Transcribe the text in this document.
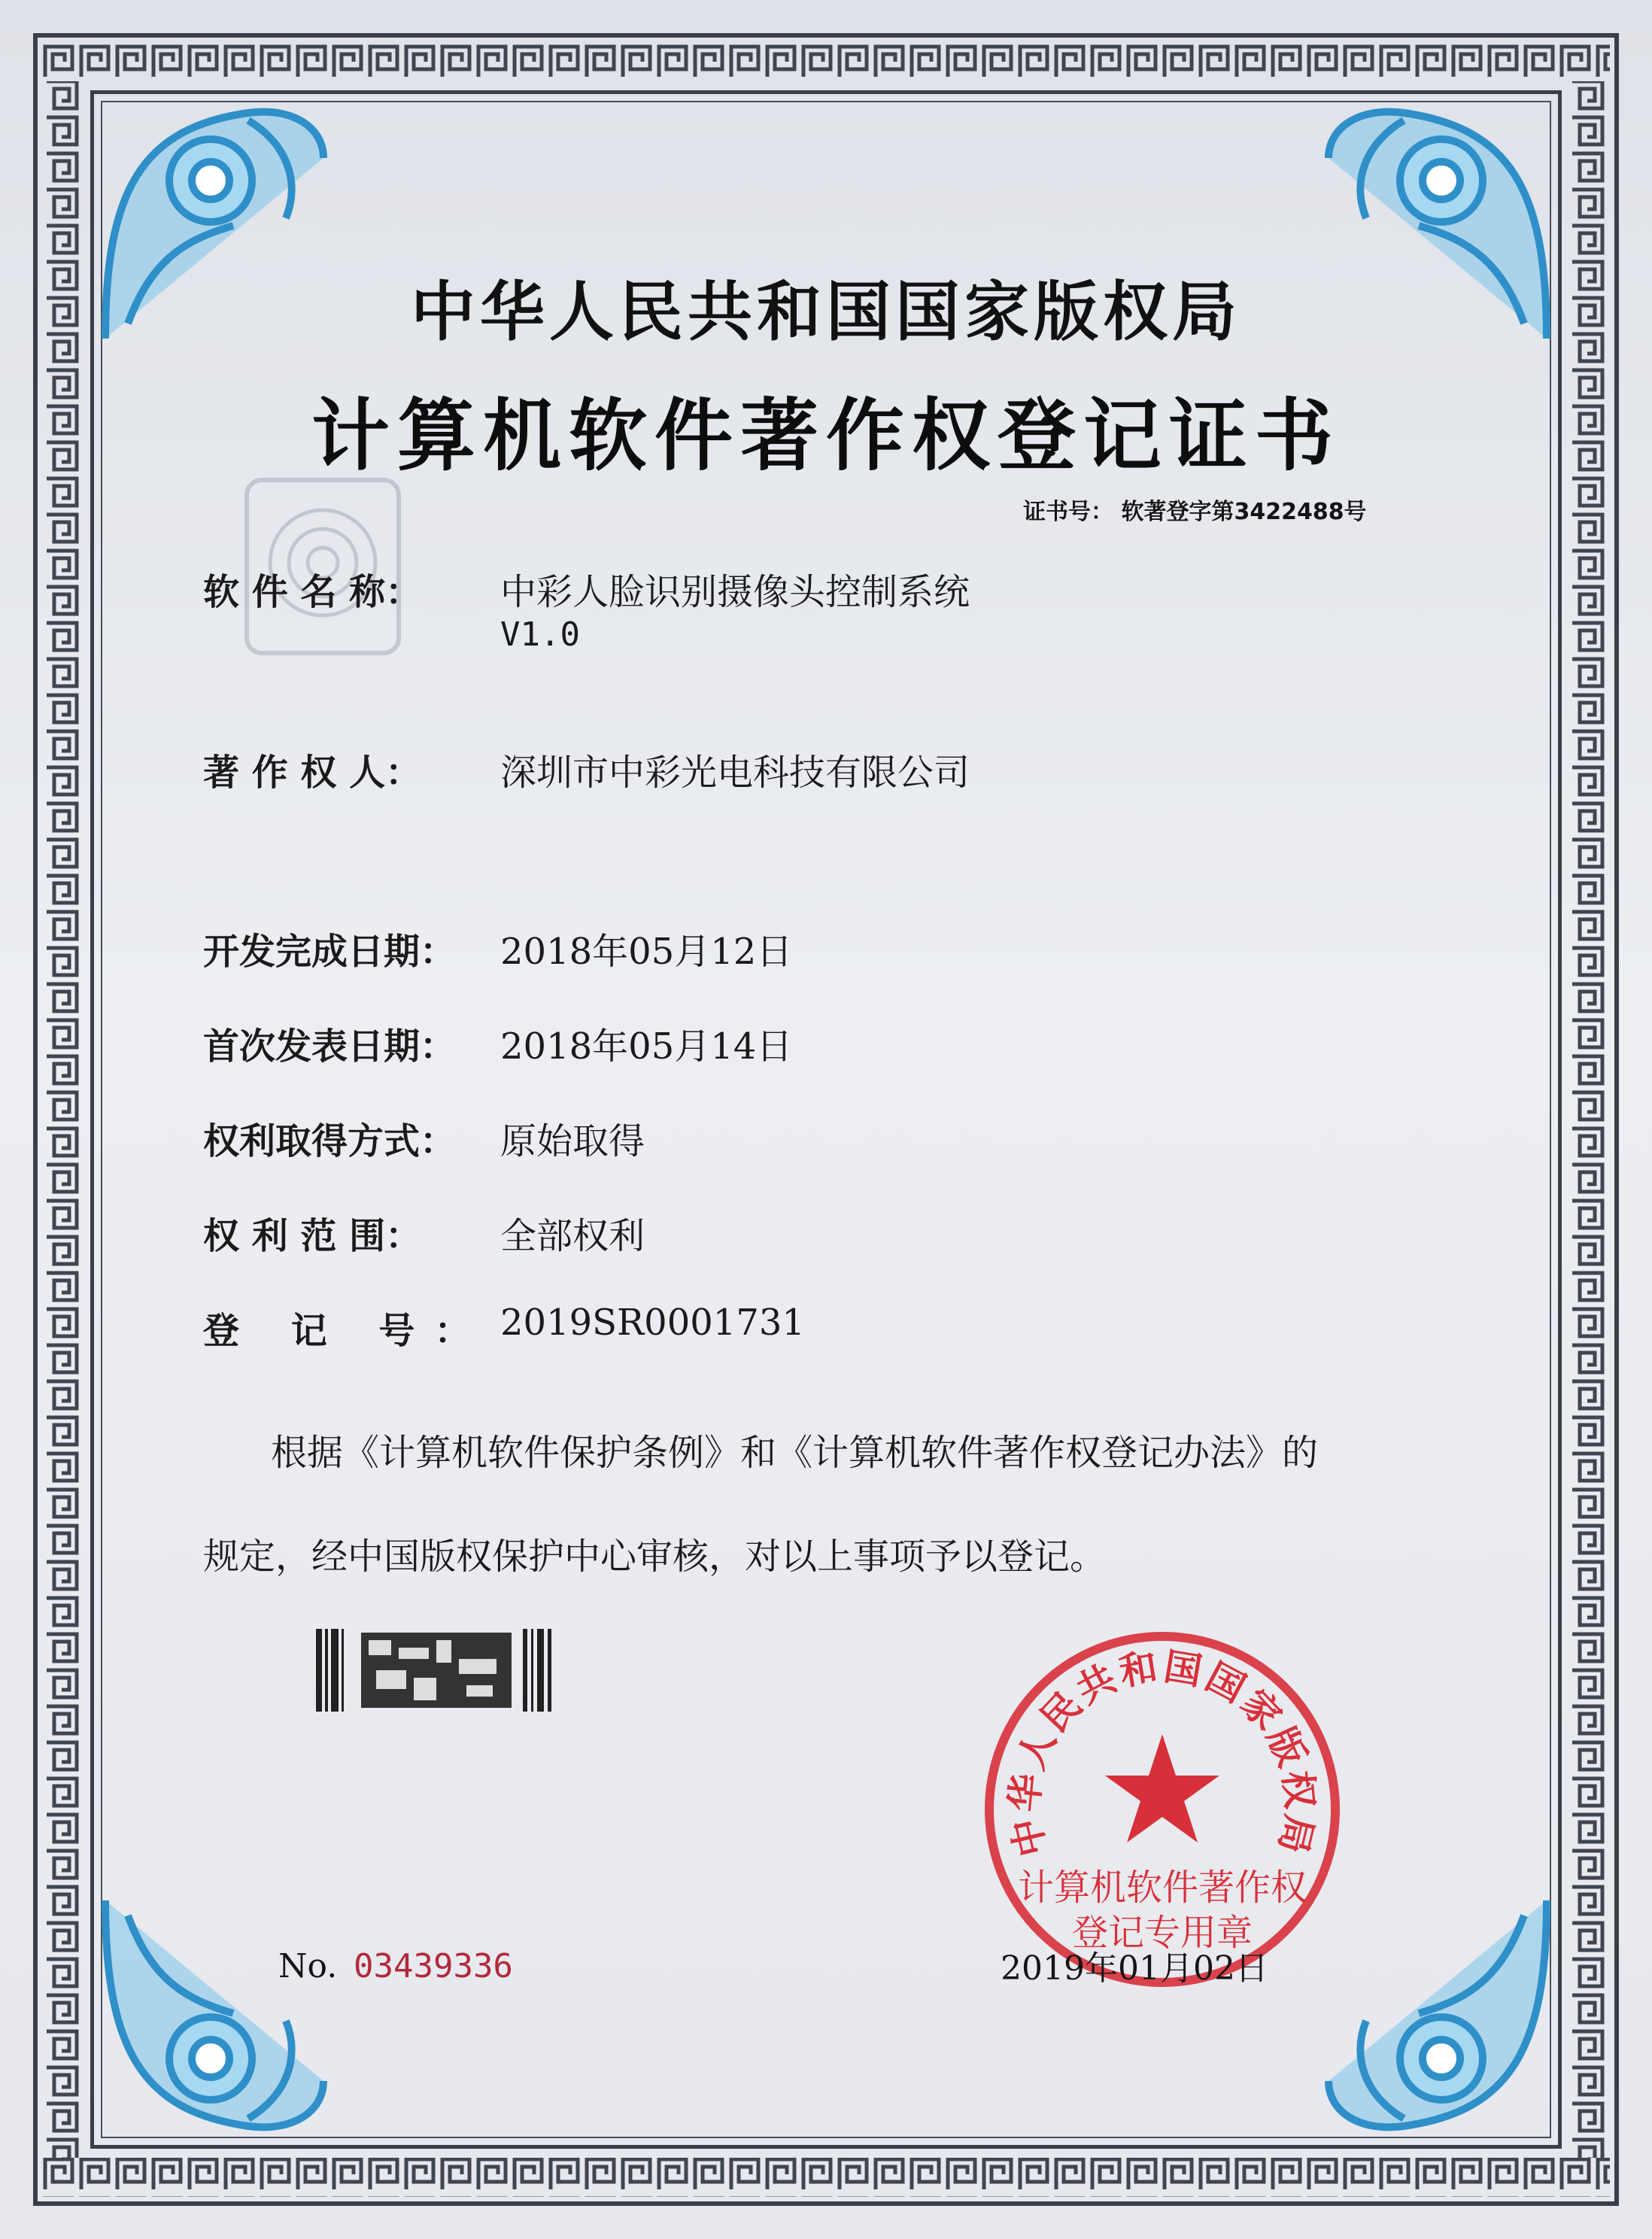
中华人民共和国国家版权局
计算机软件著作权登记证书
证书号： 软著登字第3422488号
软 件 名 称： 中彩人脸识别摄像头控制系统
V1.0
著 作 权 人： 深圳市中彩光电科技有限公司
开发完成日期： 2018年05月12日
首次发表日期： 2018年05月14日
权利取得方式： 原始取得
权 利 范 围： 全部权利
登 记 号： 2019SR0001731
根据《计算机软件保护条例》和《计算机软件著作权登记办法》的
规定，经中国版权保护中心审核，对以上事项予以登记。
No. 03439336
中华人民共和国国家版权局
计算机软件著作权
登记专用章
2019年01月02日
